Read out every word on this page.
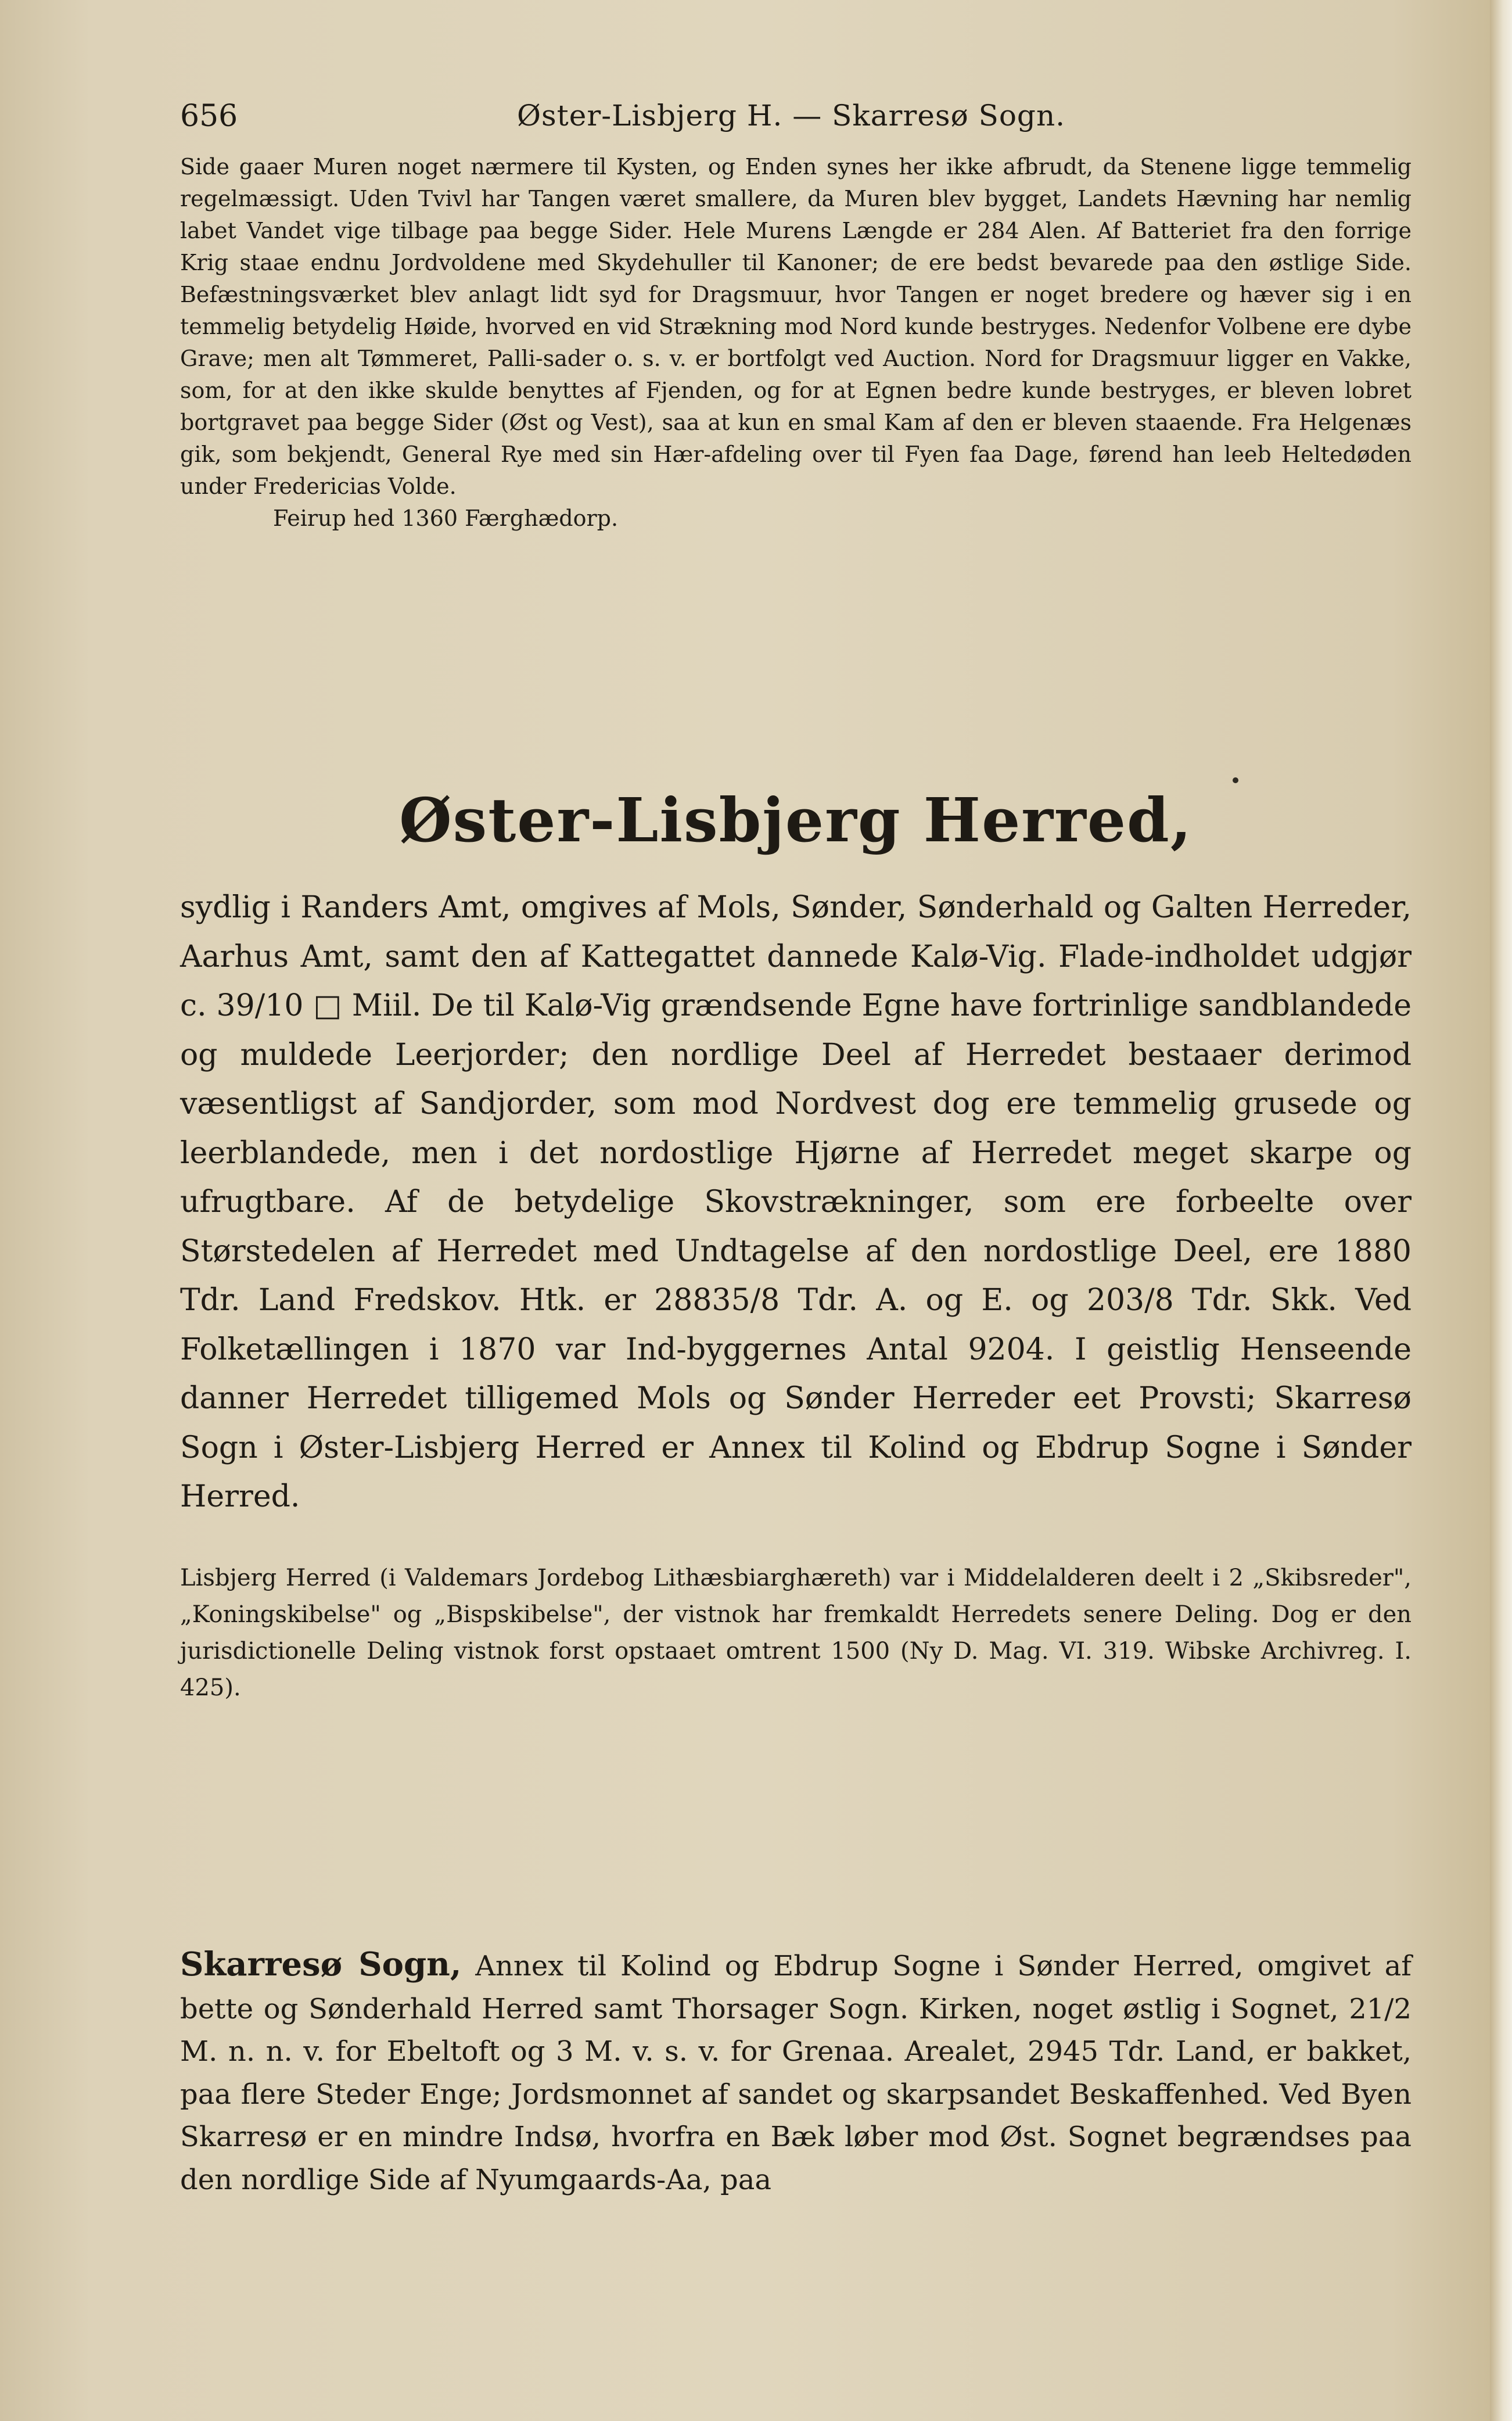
656	Øster-Lisbjerg H. — Skarresø Sogn.

Side gaaer Muren noget nærmere til Kysten, og Enden synes her ikke afbrudt, da Stenene ligge temmelig regelmæssigt. Uden Tvivl har Tangen været smallere, da Muren blev bygget, Landets Hævning har nemlig labet Vandet vige tilbage paa begge Sider. Hele Murens Længde er 284 Alen. Af Batteriet fra den forrige Krig staae endnu Jordvoldene med Skydehuller til Kanoner; de ere bedst bevarede paa den østlige Side. Befæstningsværket blev anlagt lidt syd for Dragsmuur, hvor Tangen er noget bredere og hæver sig i en temmelig betydelig Høide, hvorved en vid Strækning mod Nord kunde bestryges. Nedenfor Volbene ere dybe Grave; men alt Tømmeret, Palli-sader o. s. v. er bortfolgt ved Auction. Nord for Dragsmuur ligger en Vakke, som, for at den ikke skulde benyttes af Fjenden, og for at Egnen bedre kunde bestryges, er bleven lobret bortgravet paa begge Sider (Øst og Vest), saa at kun en smal Kam af den er bleven staaende. Fra Helgenæs gik, som bekjendt, General Rye med sin Hær-afdeling over til Fyen faa Dage, førend han leeb Heltedøden under Fredericias Volde.

Feirup hed 1360 Færghædorp.

Øster-Lisbjerg Herred,

sydlig i Randers Amt, omgives af Mols, Sønder, Sønderhald og Galten Herreder, Aarhus Amt, samt den af Kattegattet dannede Kalø-Vig. Flade-indholdet udgjør c. 39/10 □ Miil. De til Kalø-Vig grændsende Egne have fortrinlige sandblandede og muldede Leerjorder; den nordlige Deel af Herredet bestaaer derimod væsentligst af Sandjorder, som mod Nordvest dog ere temmelig grusede og leerblandede, men i det nordostlige Hjørne af Herredet meget skarpe og ufrugtbare. Af de betydelige Skovstrækninger, som ere forbeelte over Størstedelen af Herredet med Undtagelse af den nordostlige Deel, ere 1880 Tdr. Land Fredskov. Htk. er 28835/8 Tdr. A. og E. og 203/8 Tdr. Skk. Ved Folketællingen i 1870 var Ind-byggernes Antal 9204. I geistlig Henseende danner Herredet tilligemed Mols og Sønder Herreder eet Provsti; Skarresø Sogn i Øster-Lisbjerg Herred er Annex til Kolind og Ebdrup Sogne i Sønder Herred.

Lisbjerg Herred (i Valdemars Jordebog Lithæsbiarghæreth) var i Middelalderen deelt i 2 „Skibsreder", „Koningskibelse" og „Bispskibelse", der vistnok har fremkaldt Herredets senere Deling. Dog er den jurisdictionelle Deling vistnok forst opstaaet omtrent 1500 (Ny D. Mag. VI. 319. Wibske Archivreg. I. 425).

Skarresø Sogn, Annex til Kolind og Ebdrup Sogne i Sønder Herred, omgivet af bette og Sønderhald Herred samt Thorsager Sogn. Kirken, noget østlig i Sognet, 21/2 M. n. n. v. for Ebeltoft og 3 M. v. s. v. for Grenaa. Arealet, 2945 Tdr. Land, er bakket, paa flere Steder Enge; Jordsmonnet af sandet og skarpsandet Beskaffenhed. Ved Byen Skarresø er en mindre Indsø, hvorfra en Bæk løber mod Øst. Sognet begrændses paa den nordlige Side af Nyumgaards-Aa, paa
